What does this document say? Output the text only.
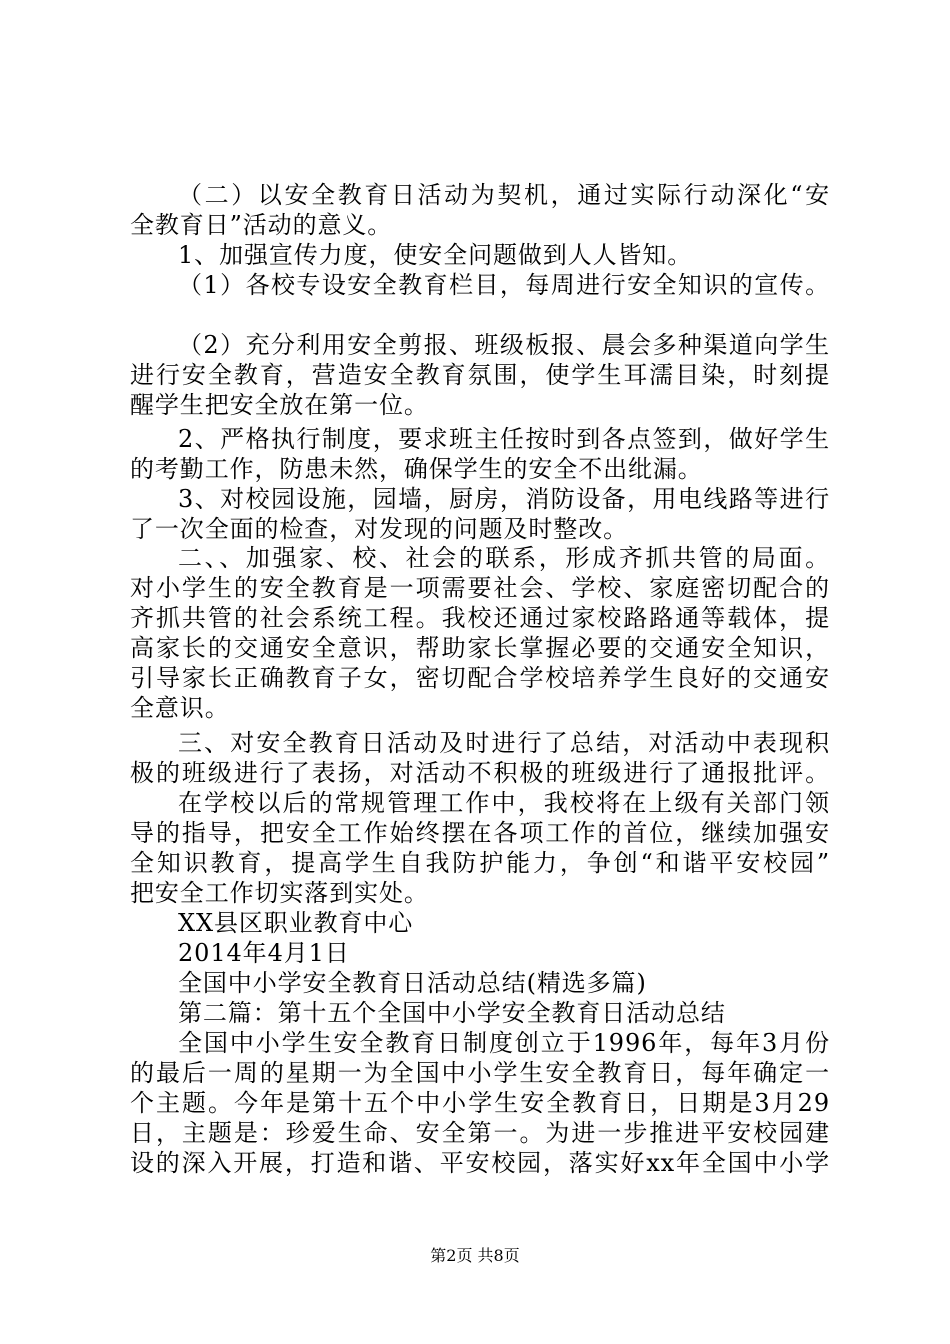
（二）以安全教育日活动为契机，通过实际行动深化“安
全教育日”活动的意义。
1、加强宣传力度，使安全问题做到人人皆知。
（1）各校专设安全教育栏目，每周进行安全知识的宣传。
（2）充分利用安全剪报、班级板报、晨会多种渠道向学生
进行安全教育，营造安全教育氛围，使学生耳濡目染，时刻提
醒学生把安全放在第一位。
2、严格执行制度，要求班主任按时到各点签到，做好学生
的考勤工作，防患未然，确保学生的安全不出纰漏。
3、对校园设施，园墙，厨房，消防设备，用电线路等进行
了一次全面的检查，对发现的问题及时整改。
二、、加强家、校、社会的联系，形成齐抓共管的局面。
对小学生的安全教育是一项需要社会、学校、家庭密切配合的
齐抓共管的社会系统工程。我校还通过家校路路通等载体，提
高家长的交通安全意识，帮助家长掌握必要的交通安全知识，
引导家长正确教育子女，密切配合学校培养学生良好的交通安
全意识。
三、对安全教育日活动及时进行了总结，对活动中表现积
极的班级进行了表扬，对活动不积极的班级进行了通报批评。
在学校以后的常规管理工作中，我校将在上级有关部门领
导的指导，把安全工作始终摆在各项工作的首位，继续加强安
全知识教育，提高学生自我防护能力，争创“和谐平安校园”
把安全工作切实落到实处。
XX县区职业教育中心
2014年4月1日
全国中小学安全教育日活动总结(精选多篇)
第二篇：第十五个全国中小学安全教育日活动总结
全国中小学生安全教育日制度创立于1996年，每年3月份
的最后一周的星期一为全国中小学生安全教育日，每年确定一
个主题。今年是第十五个中小学生安全教育日，日期是3月29
日，主题是：珍爱生命、安全第一。为进一步推进平安校园建
设的深入开展，打造和谐、平安校园，落实好xx年全国中小学
第2页 共8页
